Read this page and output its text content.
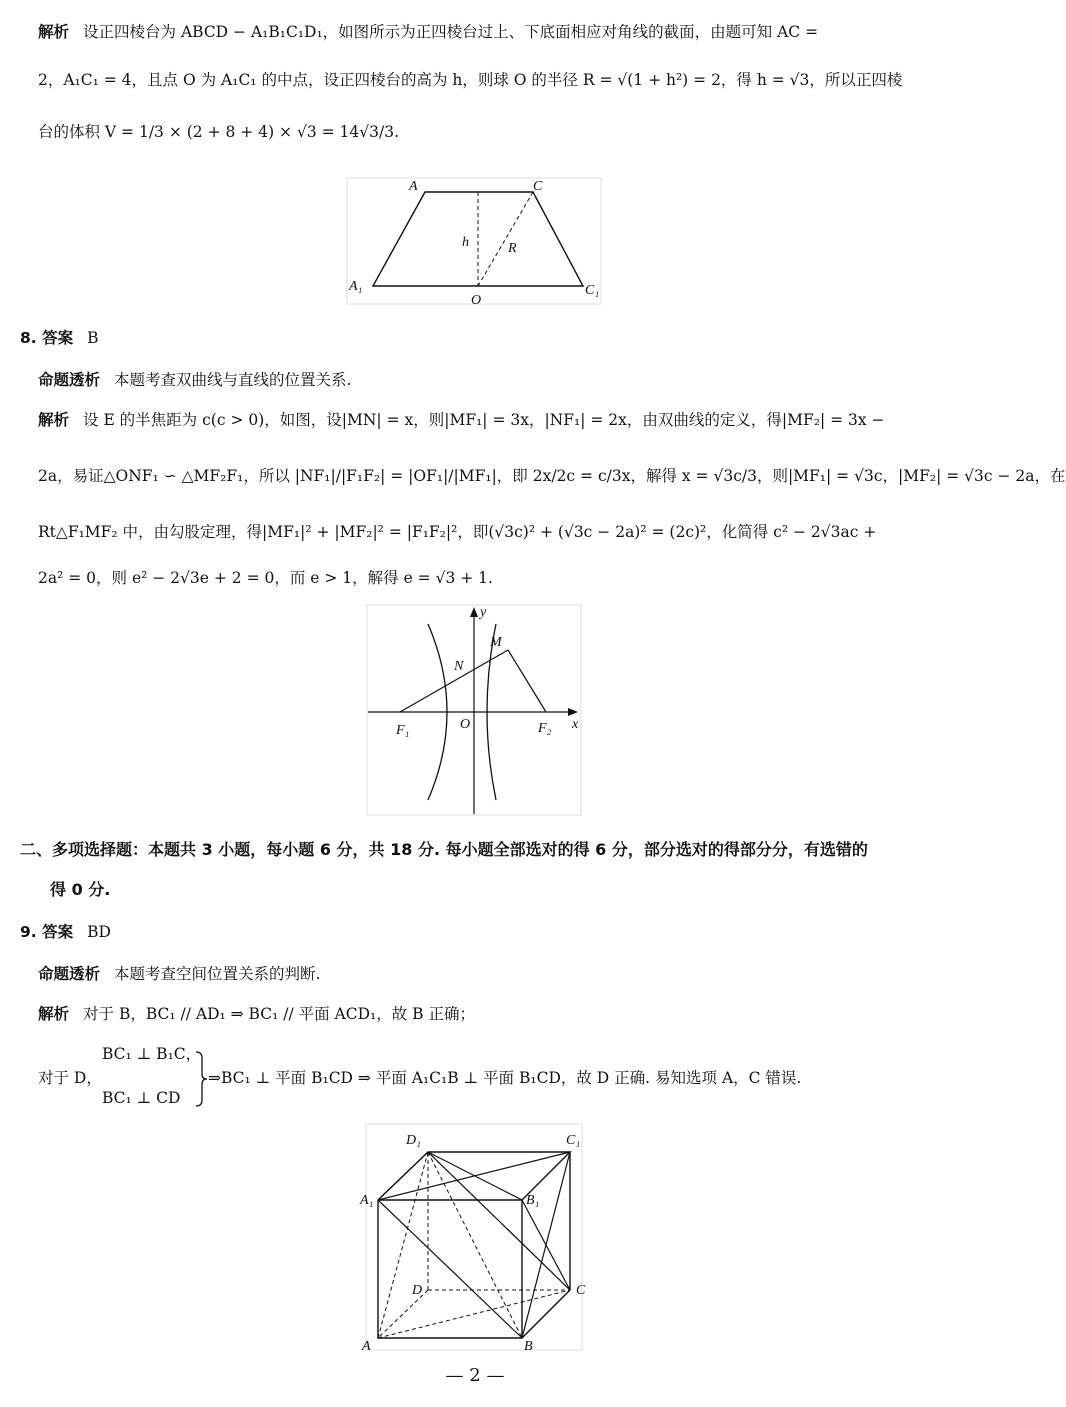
解析 设正四棱台为 ABCD − A₁B₁C₁D₁，如图所示为正四棱台过上、下底面相应对角线的截面，由题可知 AC =
2，A₁C₁ = 4，且点 O 为 A₁C₁ 的中点，设正四棱台的高为 h，则球 O 的半径 R = √(1 + h²) = 2，得 h = √3，所以正四棱
台的体积 V = 1/3 × (2 + 8 + 4) × √3 = 14√3/3.
A	C
A₁	C₁
O
h	R
8. 答案 B
命题透析 本题考查双曲线与直线的位置关系.
解析 设 E 的半焦距为 c(c > 0)，如图，设|MN| = x，则|MF₁| = 3x，|NF₁| = 2x，由双曲线的定义，得|MF₂| = 3x −
2a，易证△ONF₁ ∽ △MF₂F₁，所以 |NF₁|/|F₁F₂| = |OF₁|/|MF₁|，即 2x/2c = c/3x，解得 x = √3c/3，则|MF₁| = √3c，|MF₂| = √3c − 2a，在
Rt△F₁MF₂ 中，由勾股定理，得|MF₁|² + |MF₂|² = |F₁F₂|²，即(√3c)² + (√3c − 2a)² = (2c)²，化简得 c² − 2√3ac +
2a² = 0，则 e² − 2√3e + 2 = 0，而 e > 1，解得 e = √3 + 1.
y
x
M
N
O
F₁	F₂
二、多项选择题：本题共 3 小题，每小题 6 分，共 18 分. 每小题全部选对的得 6 分，部分选对的得部分分，有选错的
得 0 分.
9. 答案 BD
命题透析 本题考查空间位置关系的判断.
解析 对于 B，BC₁ // AD₁ ⇒ BC₁ // 平面 ACD₁，故 B 正确；
对于 D，
BC₁ ⊥ B₁C，
BC₁ ⊥ CD
⇒BC₁ ⊥ 平面 B₁CD ⇒ 平面 A₁C₁B ⊥ 平面 B₁CD，故 D 正确. 易知选项 A，C 错误.
D₁	C₁
A₁	B₁
D	C
A	B
— 2 —
